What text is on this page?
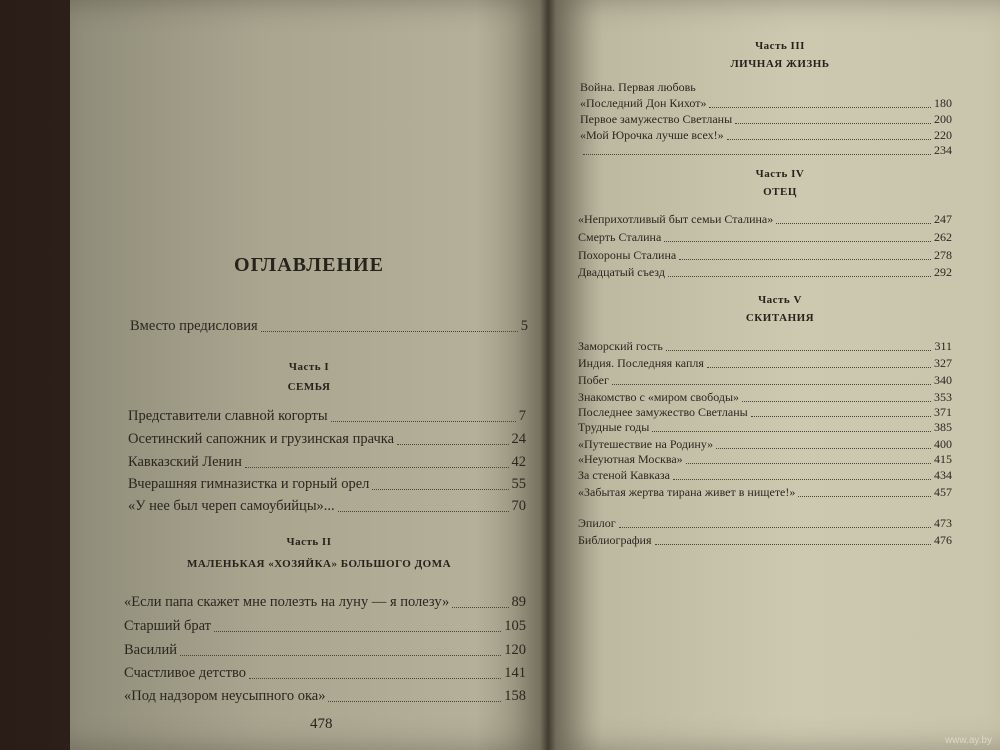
ОГЛАВЛЕНИЕ
Вместо предисловия	5
Часть I
СЕМЬЯ
Представители славной когорты	7
Осетинский сапожник и грузинская прачка	24
Кавказский Ленин	42
Вчерашняя гимназистка и горный орел	55
«У нее был череп самоубийцы»...	70
Часть II
МАЛЕНЬКАЯ «ХОЗЯЙКА» БОЛЬШОГО ДОМА
«Если папа скажет мне полезть на луну — я полезу»	89
Старший брат	105
Василий	120
Счастливое детство	141
«Под надзором неусыпного ока»	158
478
Часть III
ЛИЧНАЯ ЖИЗНЬ
Война. Первая любовь
«Последний Дон Кихот»	180
Первое замужество Светланы	200
«Мой Юрочка лучше всех!»	220
234
Часть IV
ОТЕЦ
«Неприхотливый быт семьи Сталина»	247
Смерть Сталина	262
Похороны Сталина	278
Двадцатый съезд	292
Часть V
СКИТАНИЯ
Заморский гость	311
Индия. Последняя капля	327
Побег	340
Знакомство с «миром свободы»	353
Последнее замужество Светланы	371
Трудные годы	385
«Путешествие на Родину»	400
«Неуютная Москва»	415
За стеной Кавказа	434
«Забытая жертва тирана живет в нищете!»	457
Эпилог	473
Библиография	476
www.ay.by
